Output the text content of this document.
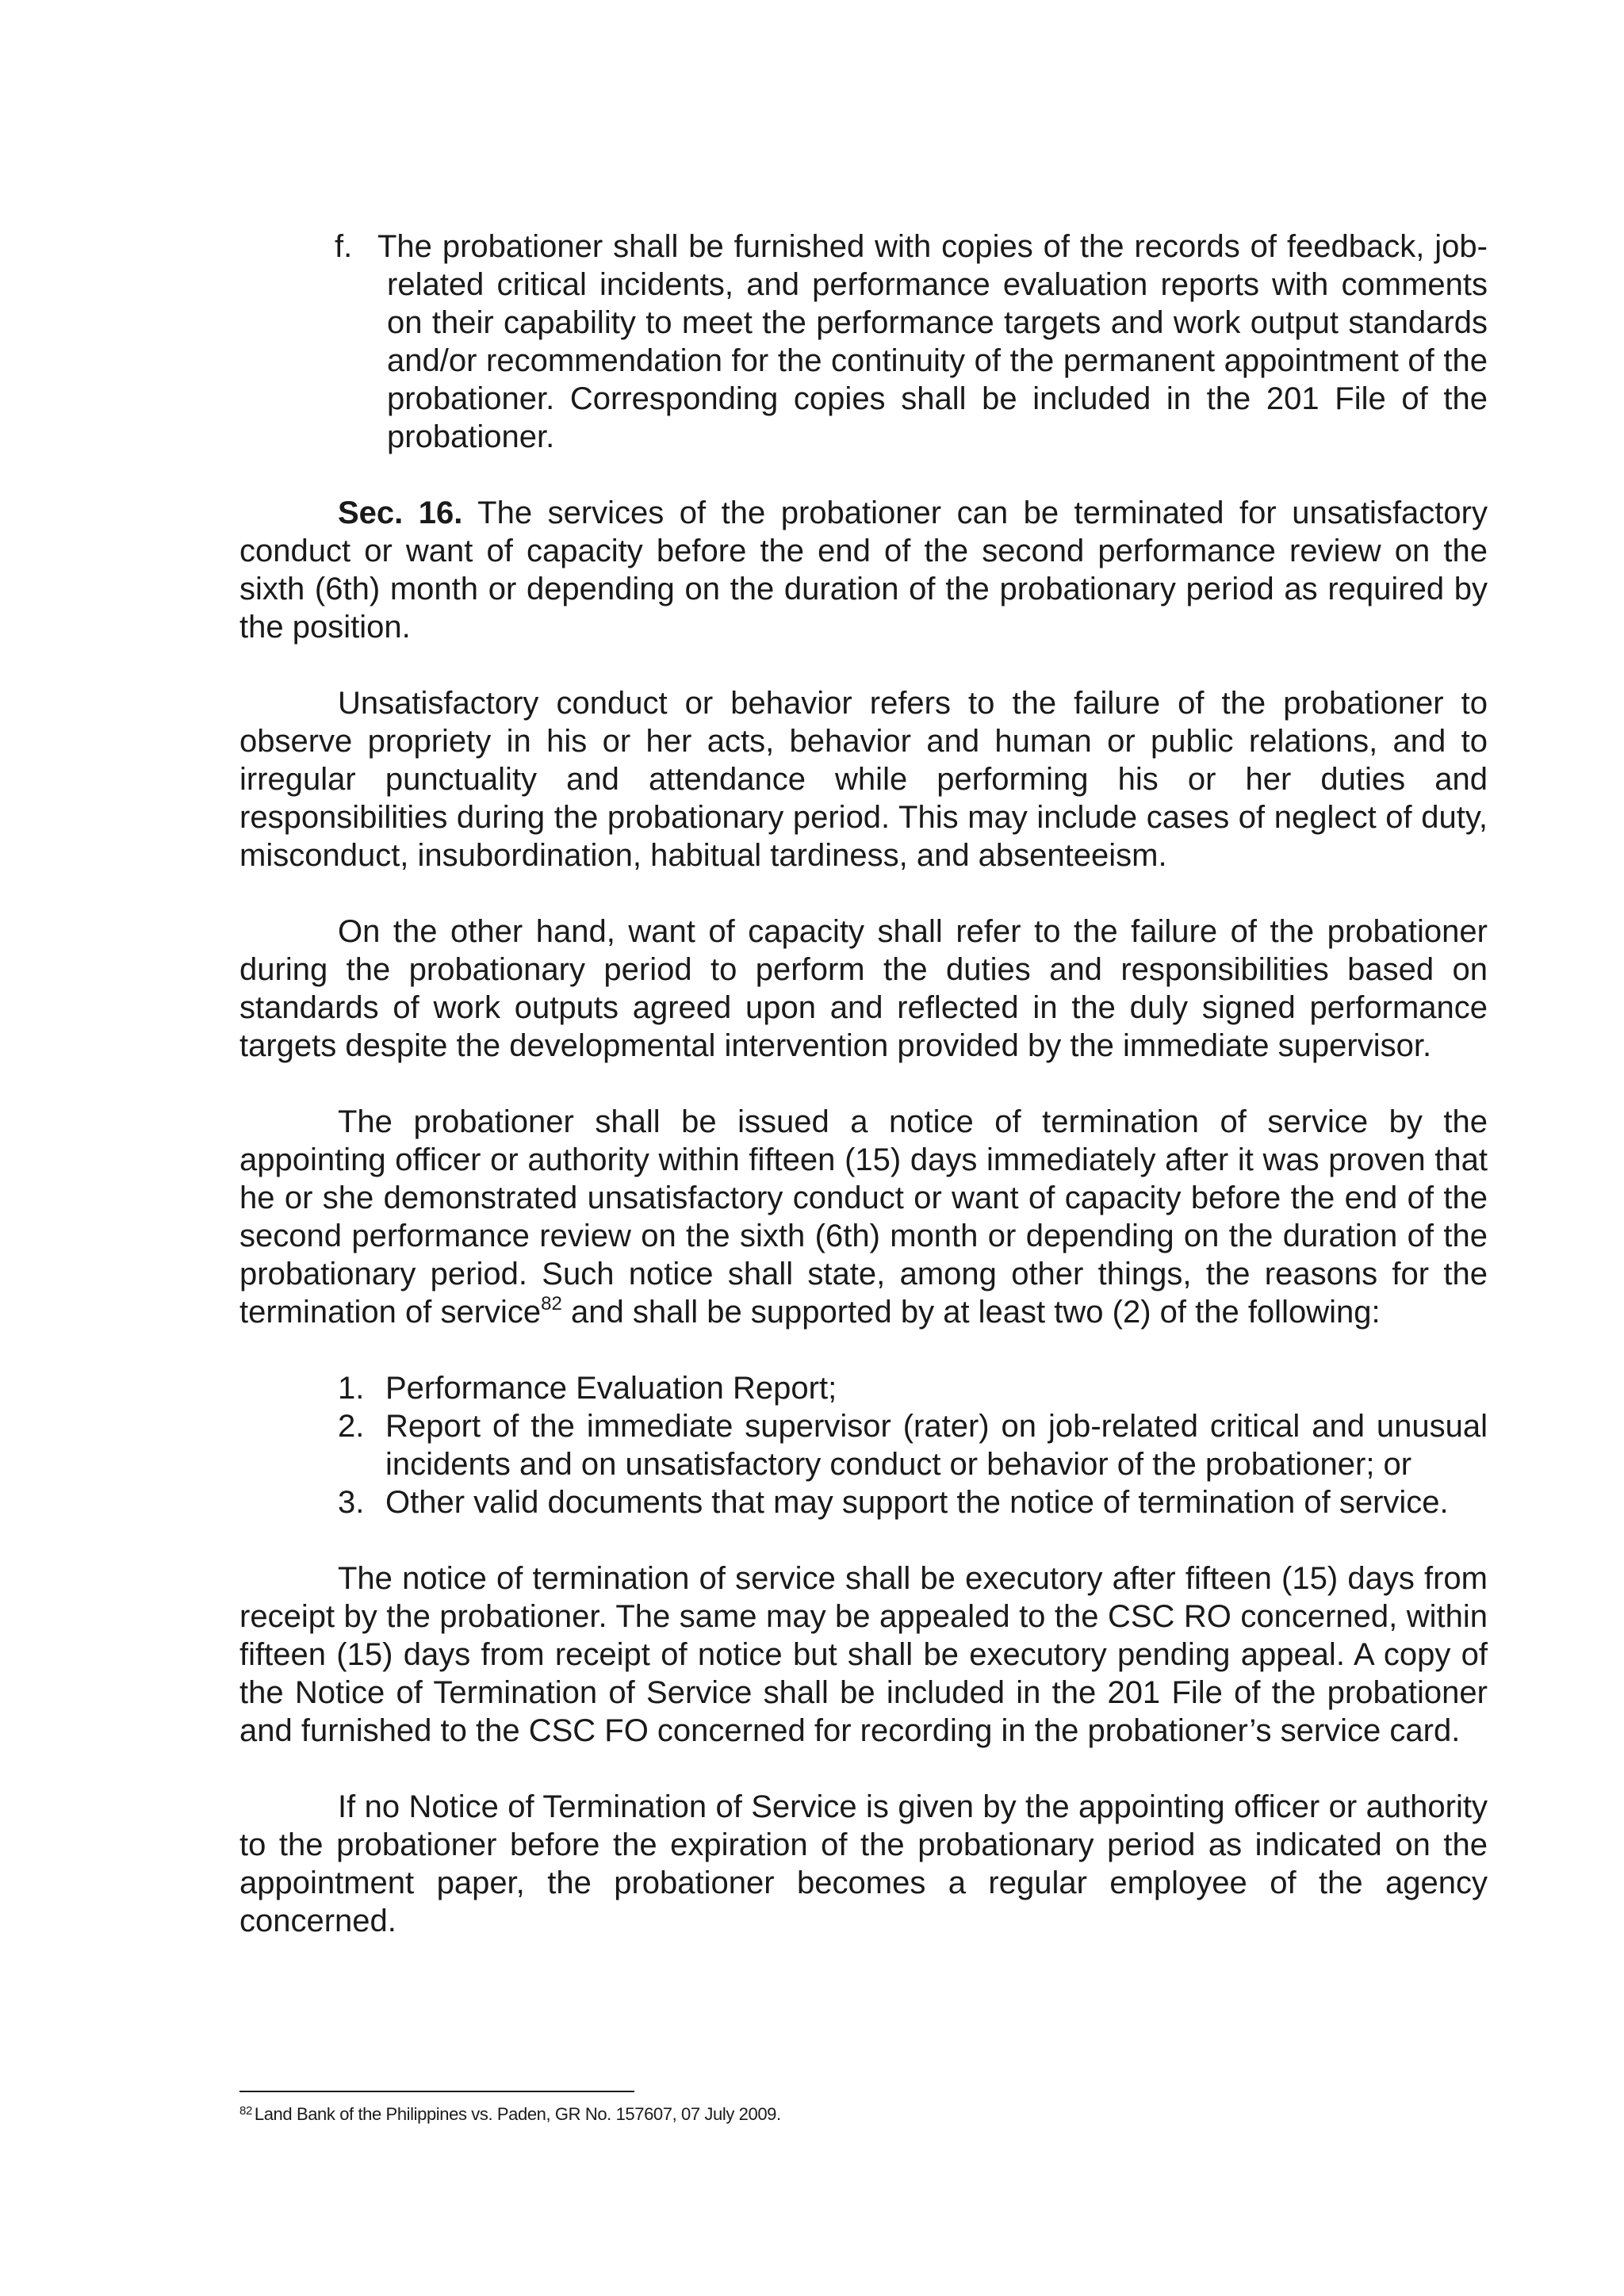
f. The probationer shall be furnished with copies of the records of feedback, job-related critical incidents, and performance evaluation reports with comments on their capability to meet the performance targets and work output standards and/or recommendation for the continuity of the permanent appointment of the probationer. Corresponding copies shall be included in the 201 File of the probationer.

Sec. 16. The services of the probationer can be terminated for unsatisfactory conduct or want of capacity before the end of the second performance review on the sixth (6th) month or depending on the duration of the probationary period as required by the position.

Unsatisfactory conduct or behavior refers to the failure of the probationer to observe propriety in his or her acts, behavior and human or public relations, and to irregular punctuality and attendance while performing his or her duties and responsibilities during the probationary period. This may include cases of neglect of duty, misconduct, insubordination, habitual tardiness, and absenteeism.

On the other hand, want of capacity shall refer to the failure of the probationer during the probationary period to perform the duties and responsibilities based on standards of work outputs agreed upon and reflected in the duly signed performance targets despite the developmental intervention provided by the immediate supervisor.

The probationer shall be issued a notice of termination of service by the appointing officer or authority within fifteen (15) days immediately after it was proven that he or she demonstrated unsatisfactory conduct or want of capacity before the end of the second performance review on the sixth (6th) month or depending on the duration of the probationary period. Such notice shall state, among other things, the reasons for the termination of service$^{82}$ and shall be supported by at least two (2) of the following:

1. Performance Evaluation Report;
2. Report of the immediate supervisor (rater) on job-related critical and unusual incidents and on unsatisfactory conduct or behavior of the probationer; or
3. Other valid documents that may support the notice of termination of service.

The notice of termination of service shall be executory after fifteen (15) days from receipt by the probationer. The same may be appealed to the CSC RO concerned, within fifteen (15) days from receipt of notice but shall be executory pending appeal. A copy of the Notice of Termination of Service shall be included in the 201 File of the probationer and furnished to the CSC FO concerned for recording in the probationer’s service card.

If no Notice of Termination of Service is given by the appointing officer or authority to the probationer before the expiration of the probationary period as indicated on the appointment paper, the probationer becomes a regular employee of the agency concerned.

$^{82}$ Land Bank of the Philippines vs. Paden, GR No. 157607, 07 July 2009.
